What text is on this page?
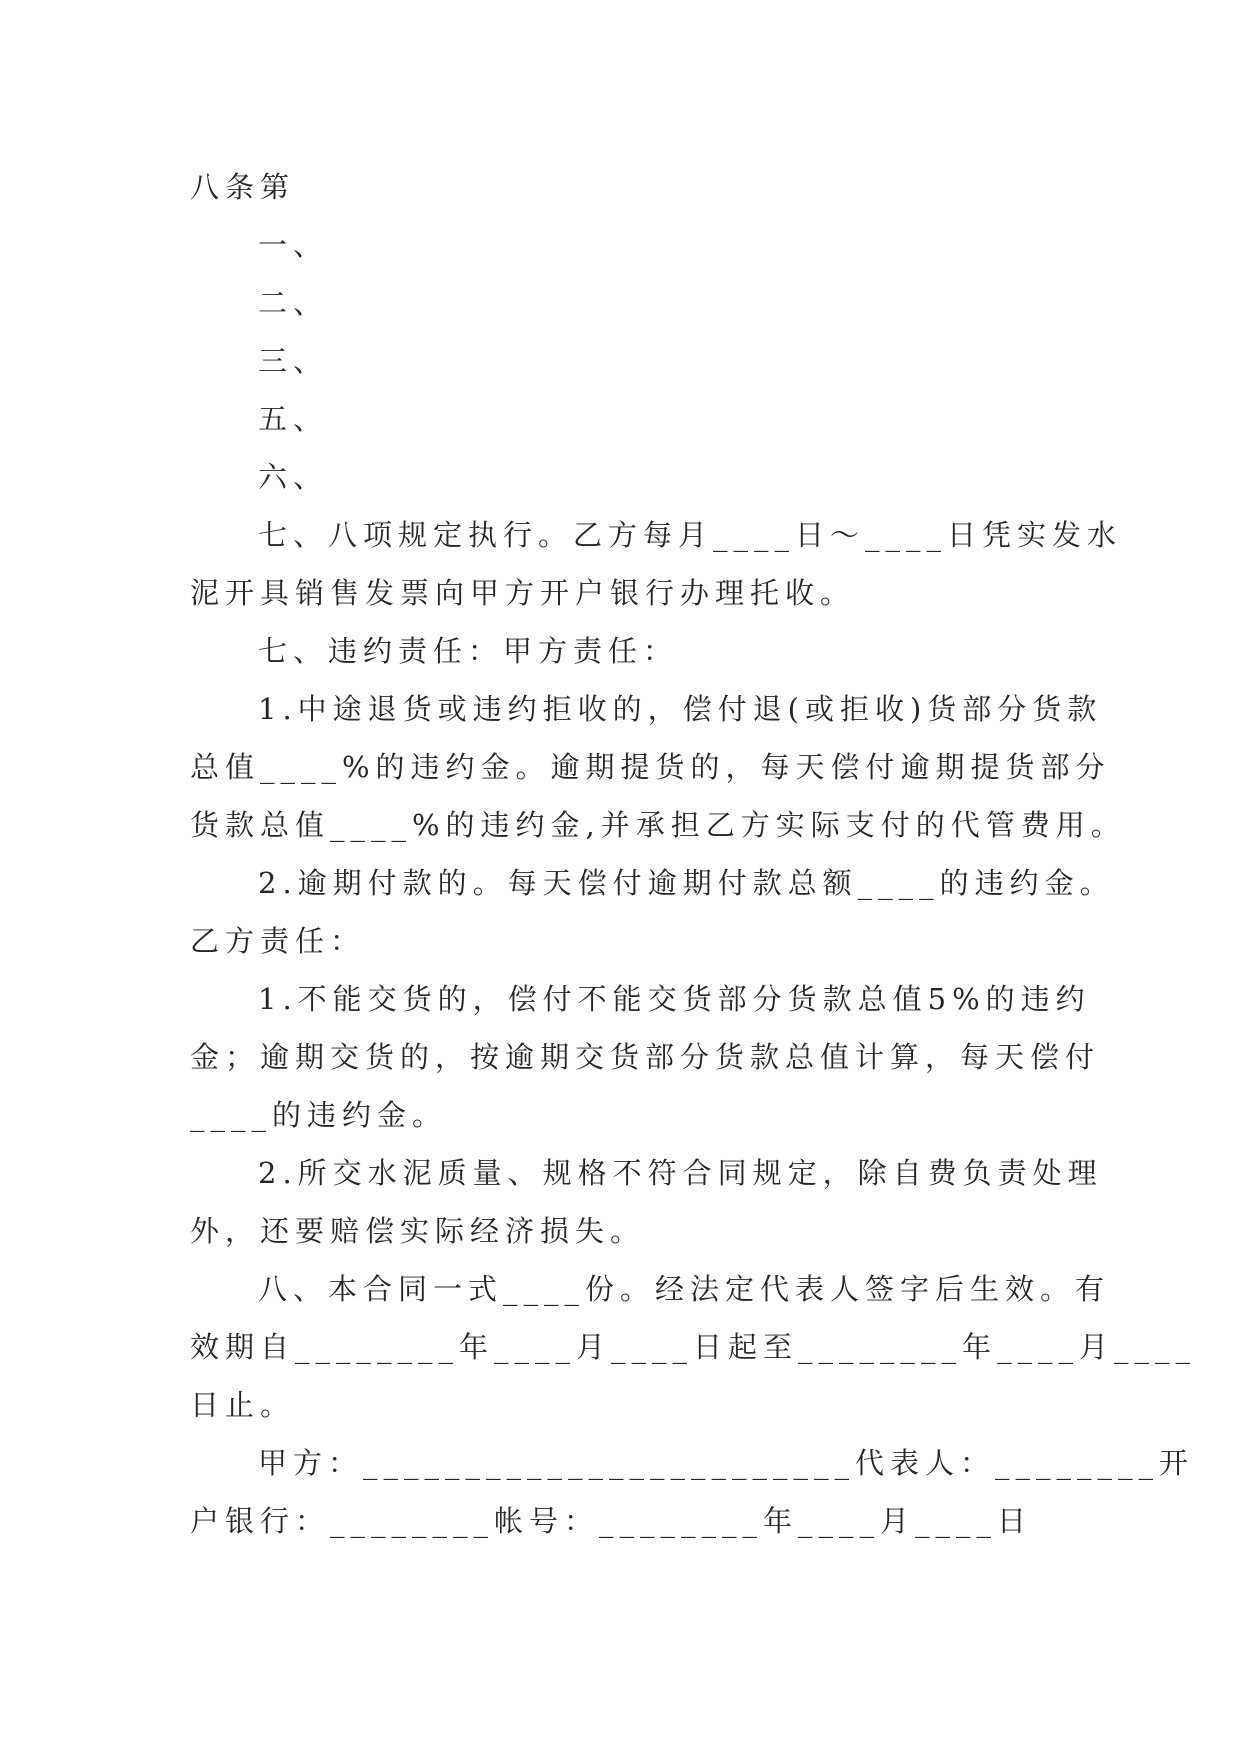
八条第
一、
二、
三、
五、
六、
七、八项规定执行。乙方每月____日～____日凭实发水
泥开具销售发票向甲方开户银行办理托收。
七、违约责任：甲方责任：
1.中途退货或违约拒收的，偿付退(或拒收)货部分货款
总值____%的违约金。逾期提货的，每天偿付逾期提货部分
货款总值____%的违约金,并承担乙方实际支付的代管费用。
2.逾期付款的。每天偿付逾期付款总额____的违约金。
乙方责任：
1.不能交货的，偿付不能交货部分货款总值5%的违约
金；逾期交货的，按逾期交货部分货款总值计算，每天偿付
____的违约金。
2.所交水泥质量、规格不符合同规定，除自费负责处理
外，还要赔偿实际经济损失。
八、本合同一式____份。经法定代表人签字后生效。有
效期自________年____月____日起至________年____月____
日止。
甲方：________________________代表人：________开
户银行：________帐号：________年____月____日
